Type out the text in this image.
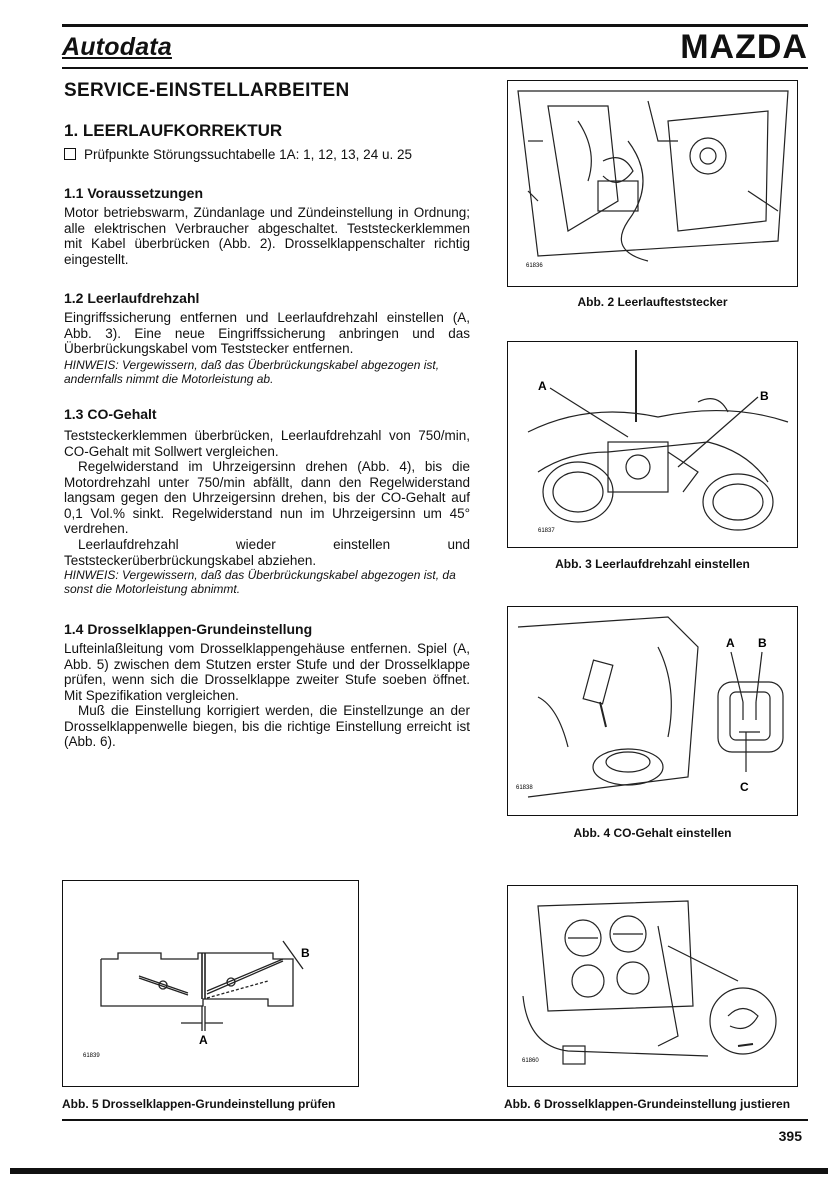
Autodata	MAZDA
SERVICE-EINSTELLARBEITEN
1. LEERLAUFKORREKTUR
Prüfpunkte Störungssuchtabelle 1A: 1, 12, 13, 24 u. 25
1.1 Voraussetzungen
Motor betriebswarm, Zündanlage und Zündeinstellung in Ordnung; alle elektrischen Verbraucher abgeschaltet. Teststeckerklemmen mit Kabel überbrücken (Abb. 2). Drosselklappenschalter richtig eingestellt.
1.2 Leerlaufdrehzahl
Eingriffssicherung entfernen und Leerlaufdrehzahl einstellen (A, Abb. 3). Eine neue Eingriffssicherung anbringen und das Überbrückungskabel vom Teststecker entfernen.
HINWEIS: Vergewissern, daß das Überbrückungskabel abgezogen ist, andernfalls nimmt die Motorleistung ab.
1.3 CO-Gehalt
Teststeckerklemmen überbrücken, Leerlaufdrehzahl von 750/min, CO-Gehalt mit Sollwert vergleichen.
Regelwiderstand im Uhrzeigersinn drehen (Abb. 4), bis die Motordrehzahl unter 750/min abfällt, dann den Regelwiderstand langsam gegen den Uhrzeigersinn drehen, bis der CO-Gehalt auf 0,1 Vol.% sinkt. Regelwiderstand nun im Uhrzeigersinn um 45° verdrehen.
Leerlaufdrehzahl wieder einstellen und Teststeckerüberbrückungskabel abziehen.
HINWEIS: Vergewissern, daß das Überbrückungskabel abgezogen ist, da sonst die Motorleistung abnimmt.
1.4 Drosselklappen-Grundeinstellung
Lufteinlaßleitung vom Drosselklappengehäuse entfernen. Spiel (A, Abb. 5) zwischen dem Stutzen erster Stufe und der Drosselklappe prüfen, wenn sich die Drosselklappe zweiter Stufe soeben öffnet. Mit Spezifikation vergleichen.
Muß die Einstellung korrigiert werden, die Einstellzunge an der Drosselklappenwelle biegen, bis die richtige Einstellung erreicht ist (Abb. 6).
61836
Abb. 2 Leerlaufteststecker
A
B
61837
Abb. 3 Leerlaufdrehzahl einstellen
A B
C
61838
Abb. 4 CO-Gehalt einstellen
B
A
61839
Abb. 5 Drosselklappen-Grundeinstellung prüfen
61860
Abb. 6 Drosselklappen-Grundeinstellung justieren
395
